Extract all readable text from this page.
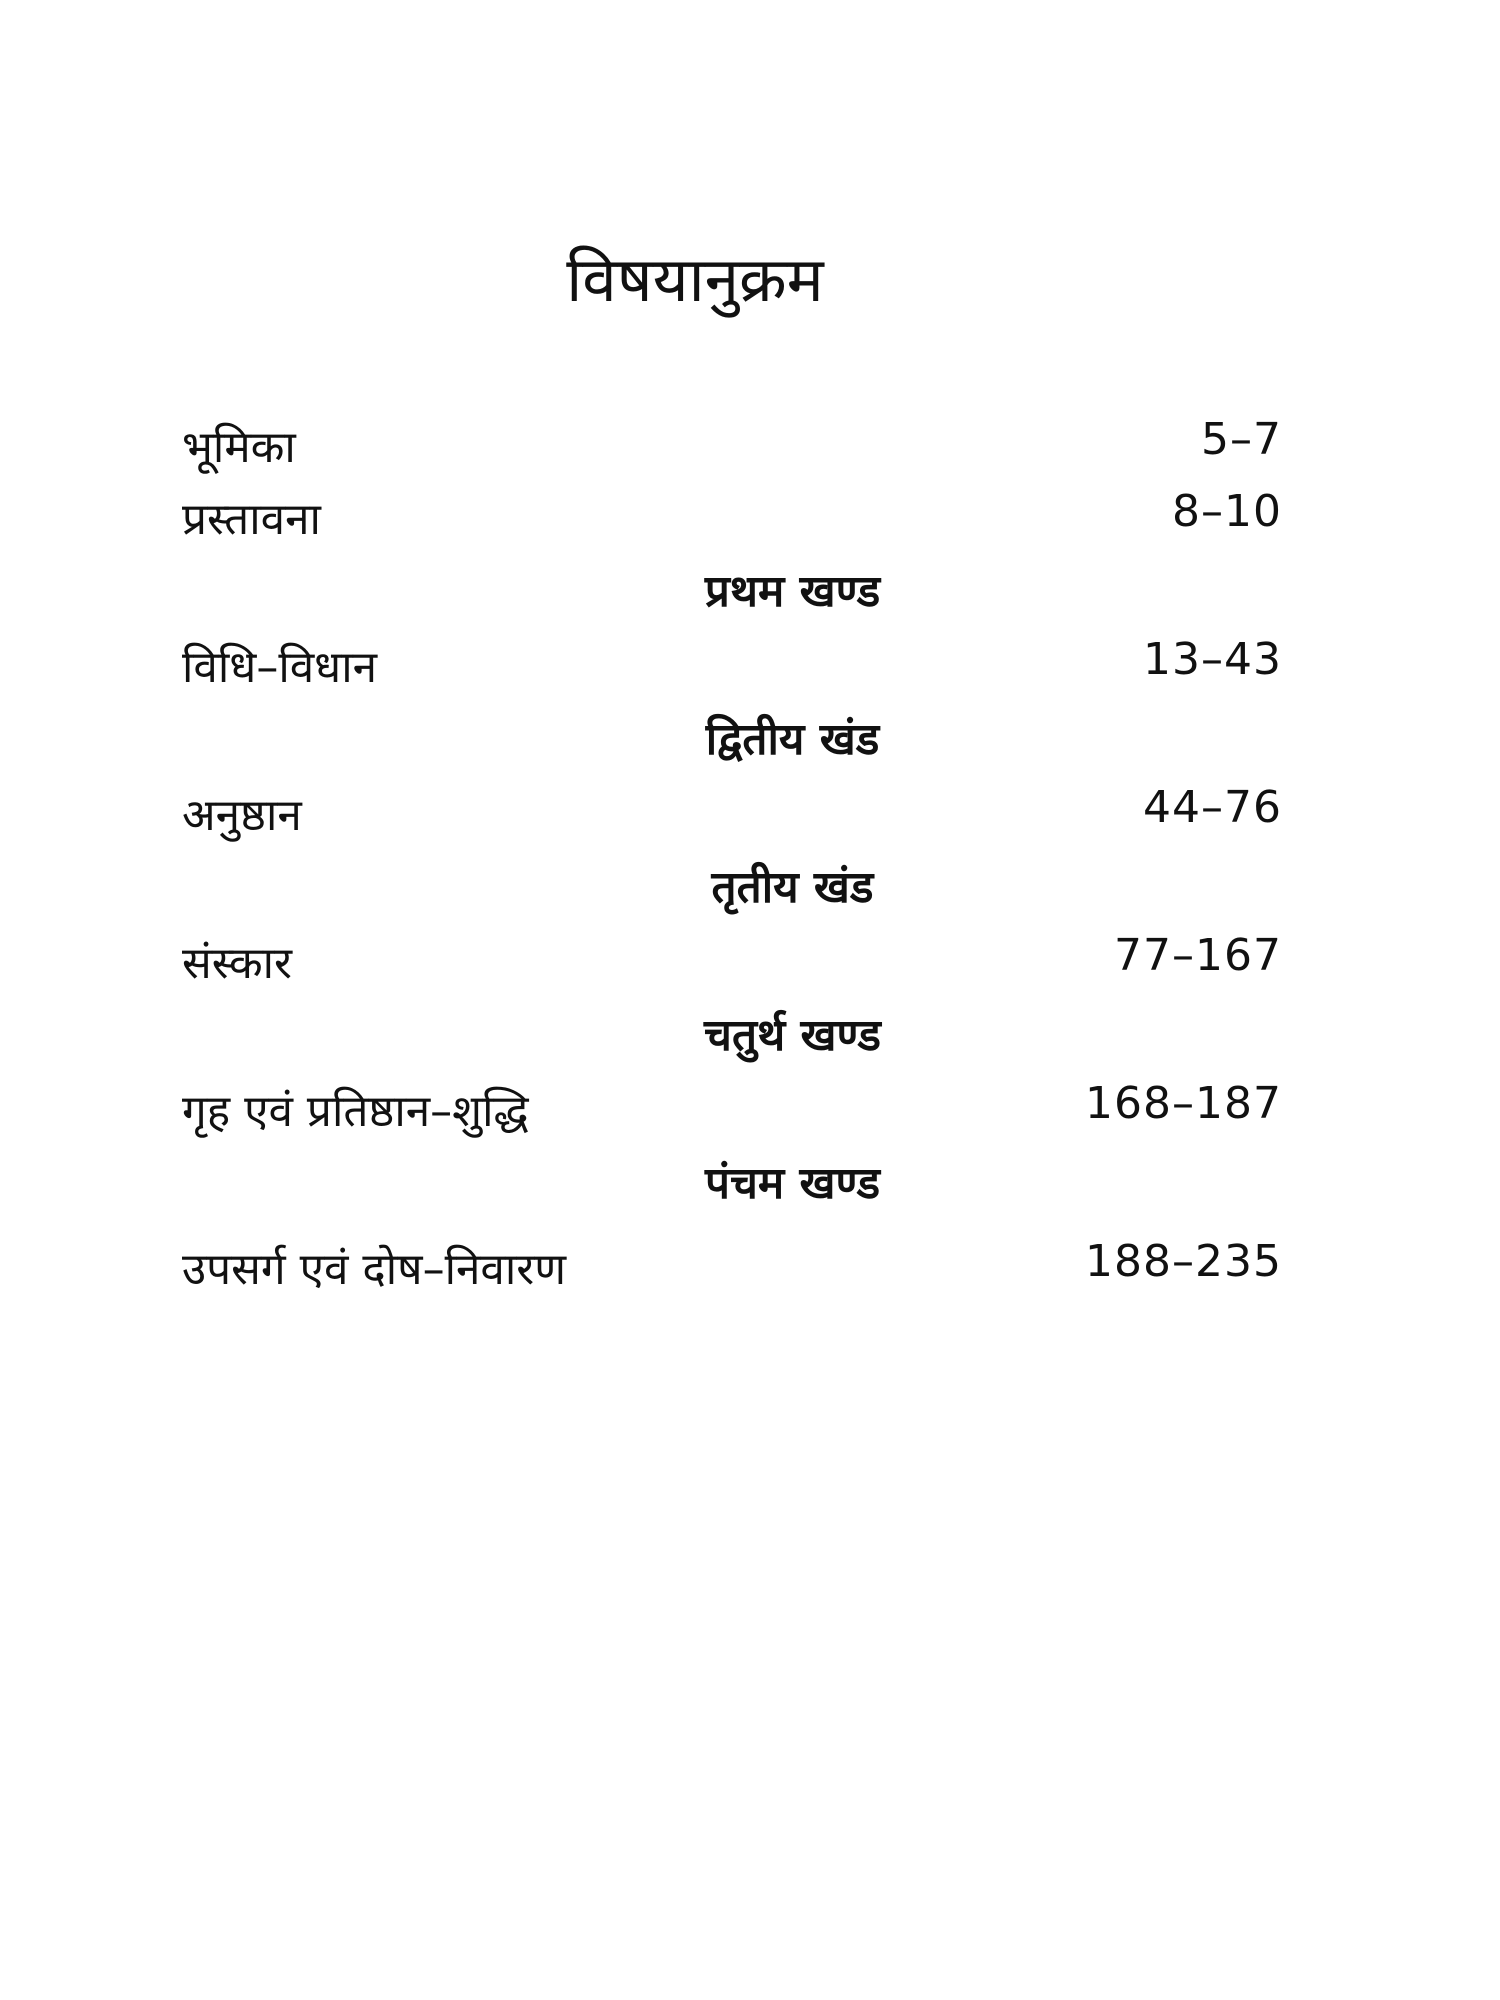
विषयानुक्रम
भूमिका	5–7
प्रस्तावना	8–10
प्रथम खण्ड
विधि–विधान	13–43
द्वितीय खंड
अनुष्ठान	44–76
तृतीय खंड
संस्कार	77–167
चतुर्थ खण्ड
गृह एवं प्रतिष्ठान–शुद्धि	168–187
पंचम खण्ड
उपसर्ग एवं दोष–निवारण	188–235
